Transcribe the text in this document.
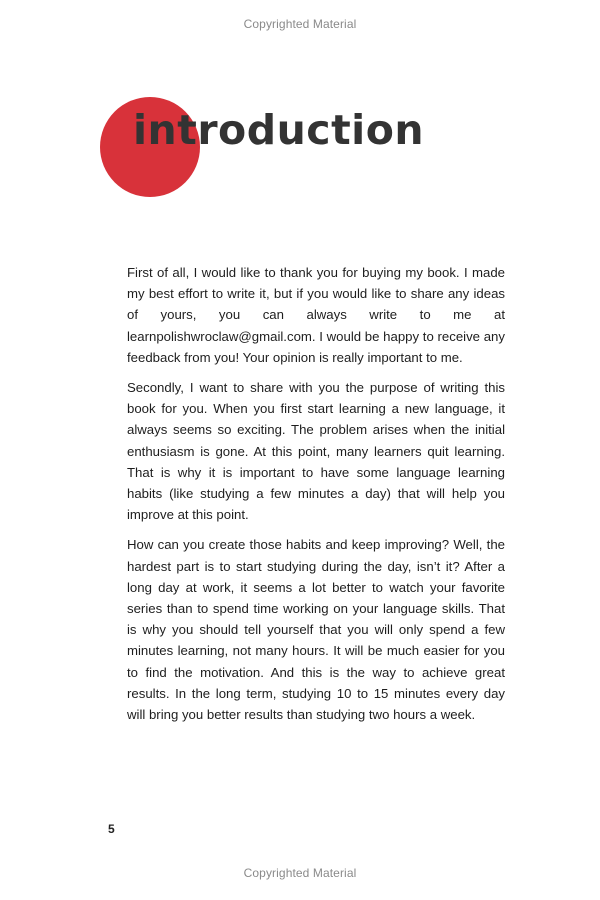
Copyrighted Material
introduction

First of all, I would like to thank you for buying my book. I made my best effort to write it, but if you would like to share any ideas of yours, you can always write to me at learnpolishwroclaw@gmail.com. I would be happy to receive any feedback from you! Your opinion is really important to me.

Secondly, I want to share with you the purpose of writing this book for you. When you first start learning a new language, it always seems so exciting. The problem arises when the initial enthusiasm is gone. At this point, many learners quit learning. That is why it is important to have some language learning habits (like studying a few minutes a day) that will help you improve at this point.

How can you create those habits and keep improving? Well, the hardest part is to start studying during the day, isn’t it? After a long day at work, it seems a lot better to watch your favorite series than to spend time working on your language skills. That is why you should tell yourself that you will only spend a few minutes learning, not many hours. It will be much easier for you to find the motivation. And this is the way to achieve great results. In the long term, studying 10 to 15 minutes every day will bring you better results than studying two hours a week.

5
Copyrighted Material
